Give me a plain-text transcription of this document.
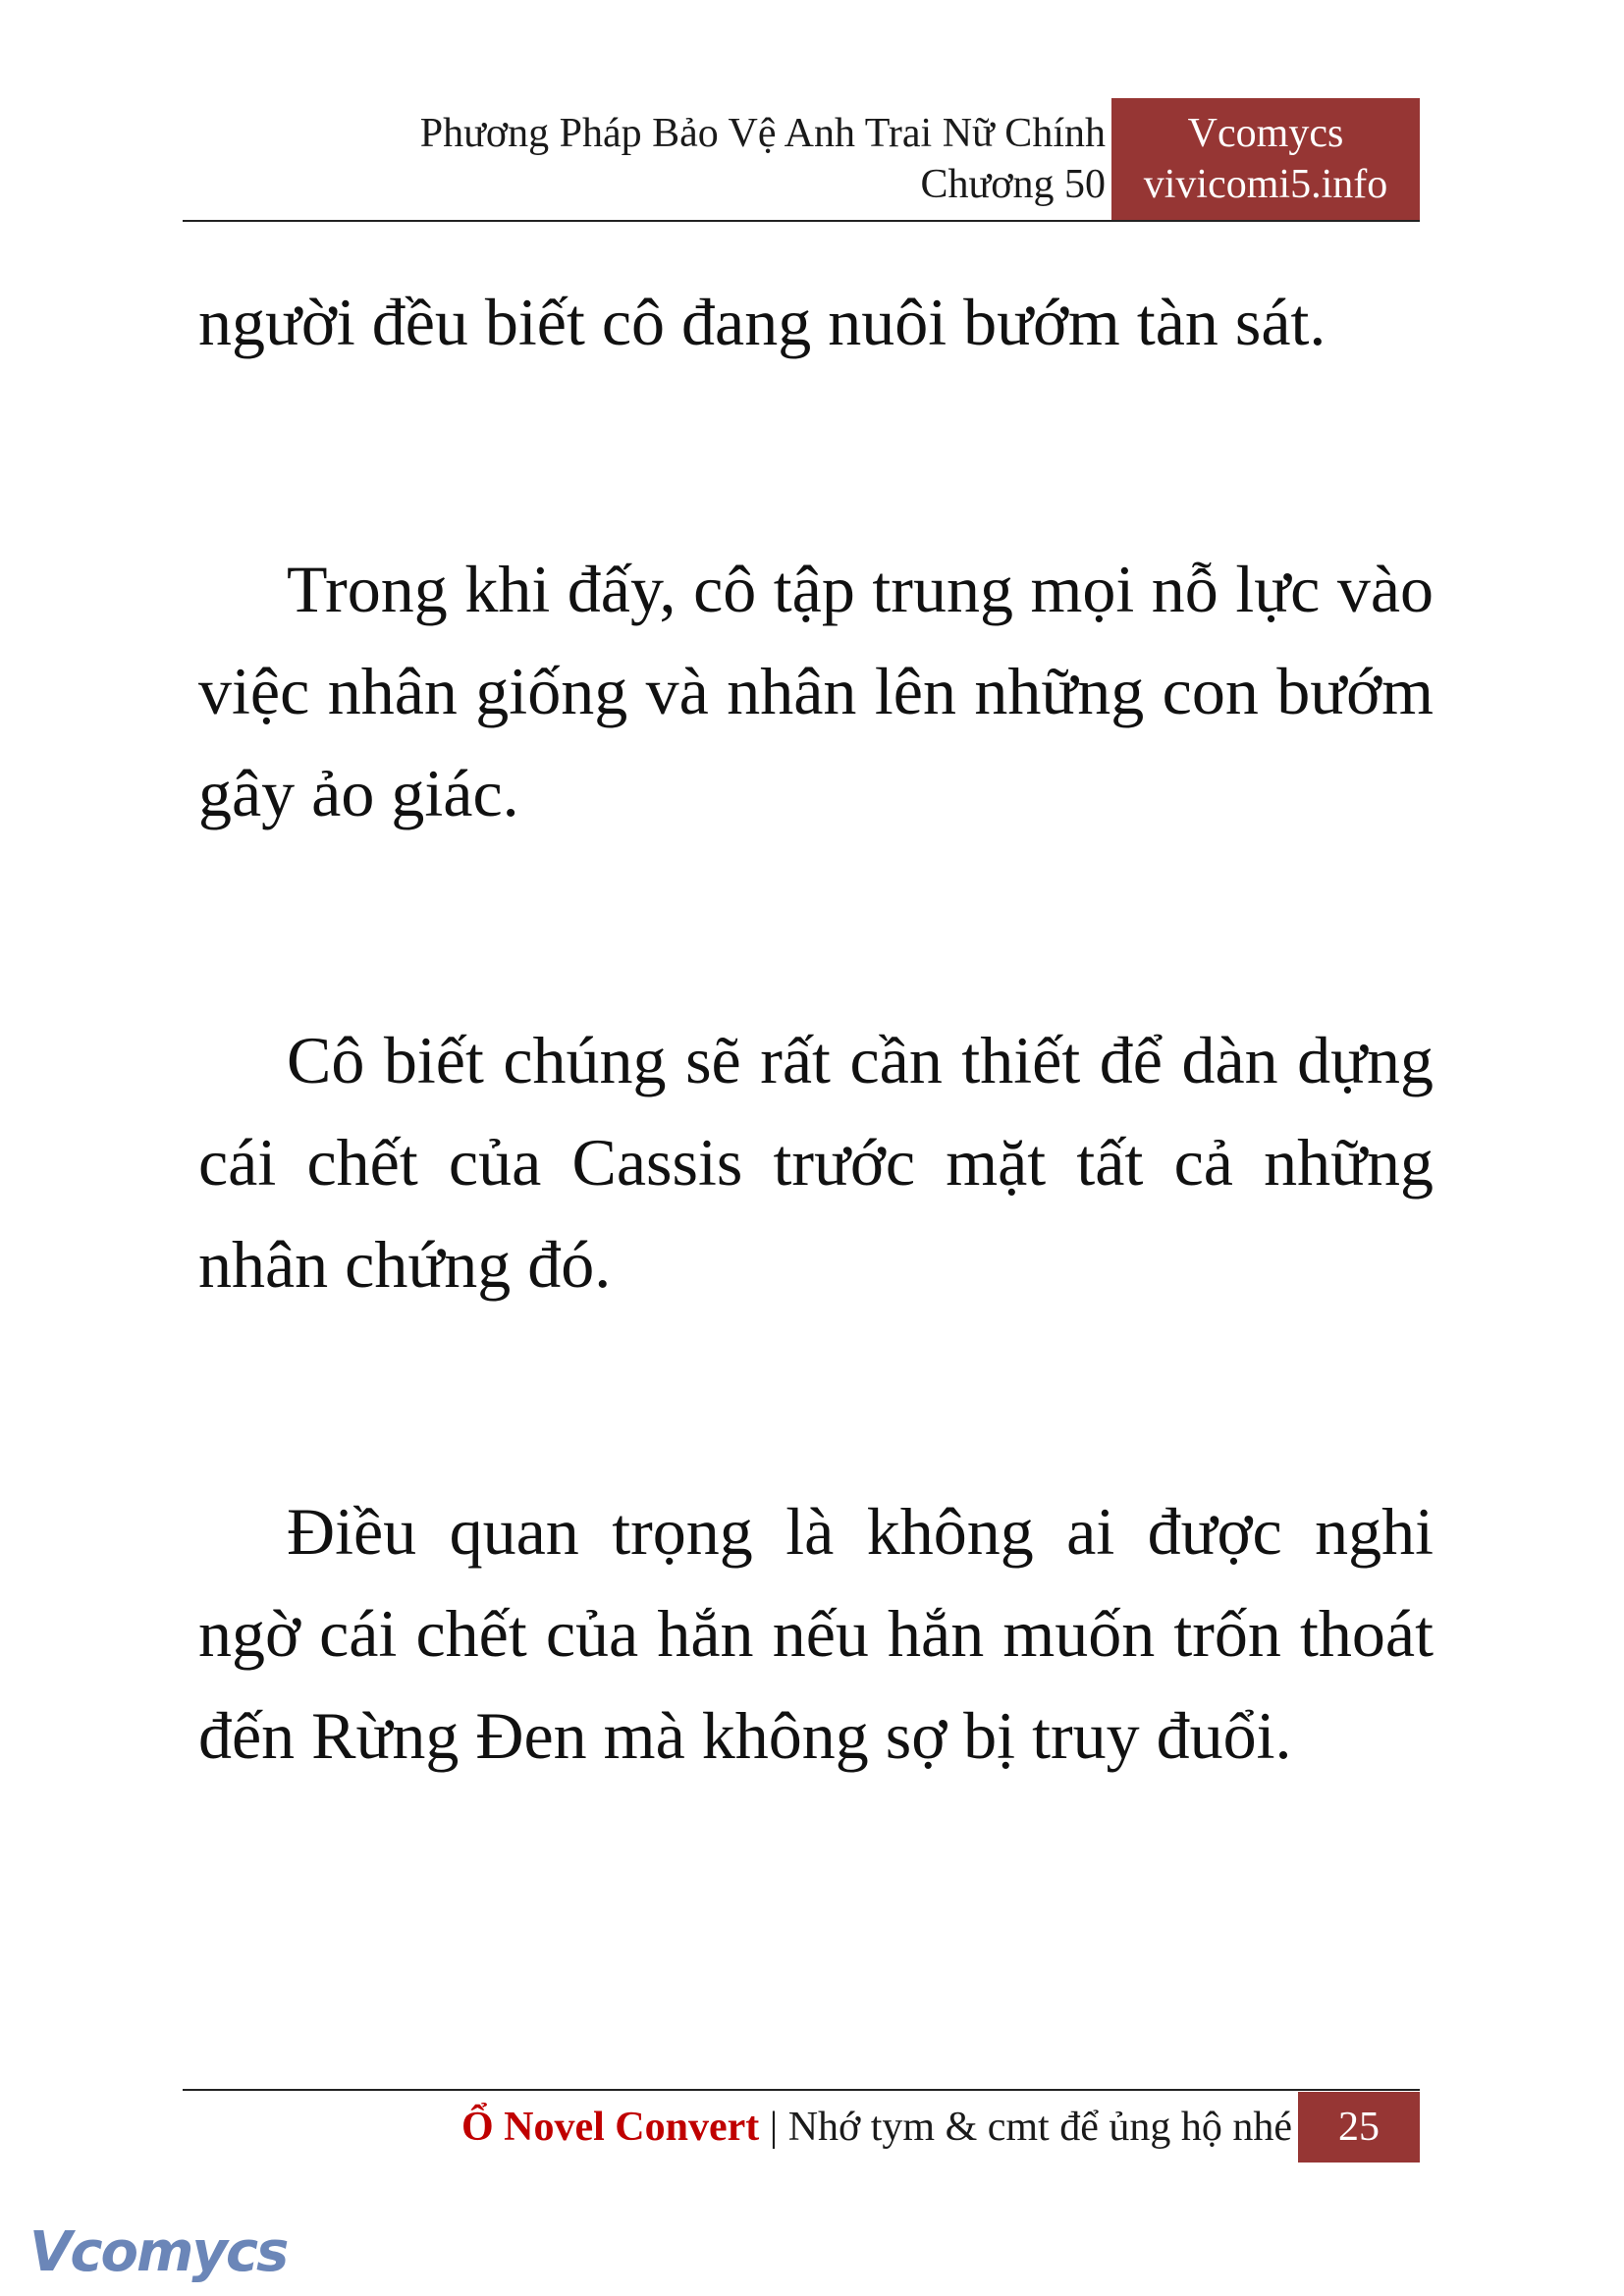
Phương Pháp Bảo Vệ Anh Trai Nữ Chính
Chương 50
Vcomycs
vivicomi5.info

người đều biết cô đang nuôi bướm tàn sát.

Trong khi đấy, cô tập trung mọi nỗ lực vào việc nhân giống và nhân lên những con bướm gây ảo giác.

Cô biết chúng sẽ rất cần thiết để dàn dựng cái chết của Cassis trước mặt tất cả những nhân chứng đó.

Điều quan trọng là không ai được nghi ngờ cái chết của hắn nếu hắn muốn trốn thoát đến Rừng Đen mà không sợ bị truy đuổi.

Ổ Novel Convert | Nhớ tym & cmt để ủng hộ nhé	25
Vcomycs
